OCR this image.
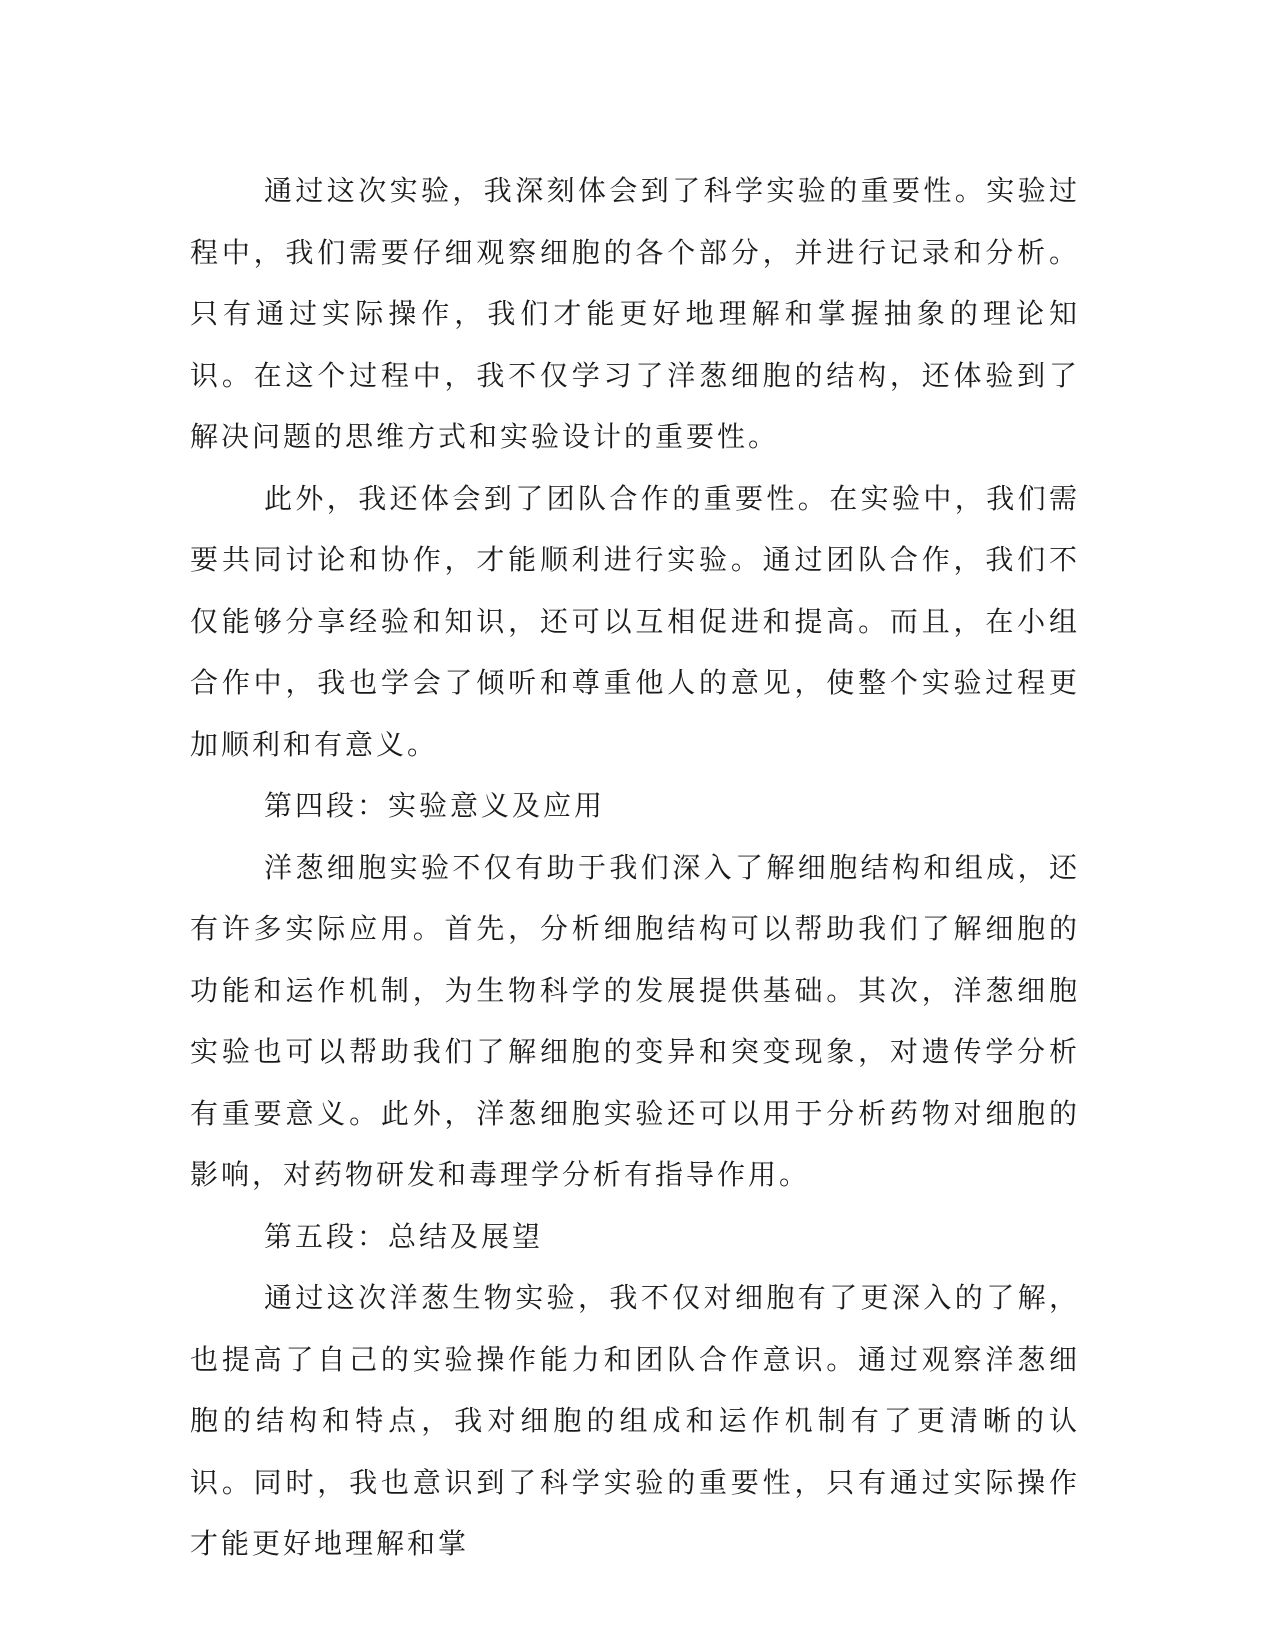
通过这次实验，我深刻体会到了科学实验的重要性。实验过程中，我们需要仔细观察细胞的各个部分，并进行记录和分析。只有通过实际操作，我们才能更好地理解和掌握抽象的理论知识。在这个过程中，我不仅学习了洋葱细胞的结构，还体验到了解决问题的思维方式和实验设计的重要性。

此外，我还体会到了团队合作的重要性。在实验中，我们需要共同讨论和协作，才能顺利进行实验。通过团队合作，我们不仅能够分享经验和知识，还可以互相促进和提高。而且，在小组合作中，我也学会了倾听和尊重他人的意见，使整个实验过程更加顺利和有意义。

第四段：实验意义及应用

洋葱细胞实验不仅有助于我们深入了解细胞结构和组成，还有许多实际应用。首先，分析细胞结构可以帮助我们了解细胞的功能和运作机制，为生物科学的发展提供基础。其次，洋葱细胞实验也可以帮助我们了解细胞的变异和突变现象，对遗传学分析有重要意义。此外，洋葱细胞实验还可以用于分析药物对细胞的影响，对药物研发和毒理学分析有指导作用。

第五段：总结及展望

通过这次洋葱生物实验，我不仅对细胞有了更深入的了解，也提高了自己的实验操作能力和团队合作意识。通过观察洋葱细胞的结构和特点，我对细胞的组成和运作机制有了更清晰的认识。同时，我也意识到了科学实验的重要性，只有通过实际操作才能更好地理解和掌
